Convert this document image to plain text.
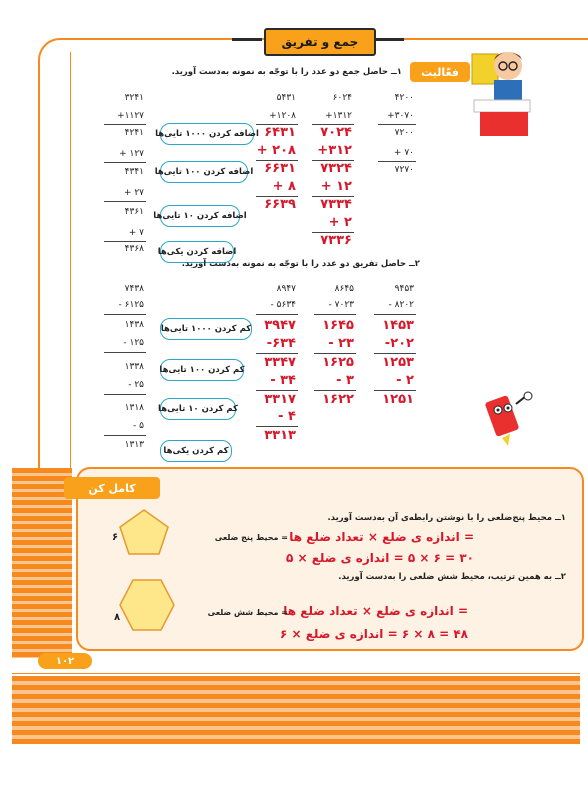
جمع و تفریق
فعّالیت
۱ــ حاصل جمع دو عدد را با توجّه به نمونه به‌دست آورید.
۴۲۰۰
+۳۰۷۰
۷۲۰۰
+ ۷۰
۷۲۷۰
۶۰۲۴
+۱۳۱۲
۷۰۲۴
+۳۱۲
۷۳۲۴
+ ۱۲
۷۳۳۴
+ ۲
۷۳۳۶
۵۴۳۱
+۱۲۰۸
۶۴۳۱
+ ۲۰۸
۶۶۳۱
+ ۸
۶۶۳۹
۳۲۴۱
+۱۱۲۷
۴۲۴۱
+ ۱۲۷
۴۳۴۱
+ ۲۷
۴۳۶۱
+ ۷
۴۳۶۸
اضافه کردن ۱۰۰۰ تایی‌ها
اضافه کردن ۱۰۰ تایی‌ها
اضافه کردن ۱۰ تایی‌ها
اضافه کردن یکی‌ها
۲ــ حاصل تفریق دو عدد را با توجّه به نمونه به‌دست آورید.
۹۴۵۳
- ۸۲۰۲
۱۴۵۳
-۲۰۲
۱۲۵۳
- ۲
۱۲۵۱
۸۶۴۵
- ۷۰۲۳
۱۶۴۵
- ۲۳
۱۶۲۵
- ۳
۱۶۲۲
۸۹۴۷
- ۵۶۳۴
۳۹۴۷
-۶۳۴
۳۳۴۷
- ۳۴
۳۳۱۷
- ۴
۳۳۱۳
۷۴۳۸
- ۶۱۲۵
۱۴۳۸
- ۱۲۵
۱۳۳۸
- ۲۵
۱۳۱۸
- ۵
۱۳۱۳
کم کردن ۱۰۰۰ تایی‌ها
کم کردن ۱۰۰ تایی‌ها
کم کردن ۱۰ تایی‌ها
کم کردن یکی‌ها
کامل کن
۶
۸
۱ــ محیط پنج‌ضلعی را با نوشتن رابطه‌ی آن به‌دست آورید.
= اندازه ی ضلع × تعداد ضلع ها
= محیط پنج ضلعی
۳۰ = ۶ × ۵ = اندازه ی ضلع × ۵
۲ــ به همین ترتیب، محیط شش ضلعی را به‌دست آورید.
= اندازه ی ضلع × تعداد ضلع ها
= محیط شش ضلعی
۴۸ = ۸ × ۶ = اندازه ی ضلع × ۶
۱۰۲
